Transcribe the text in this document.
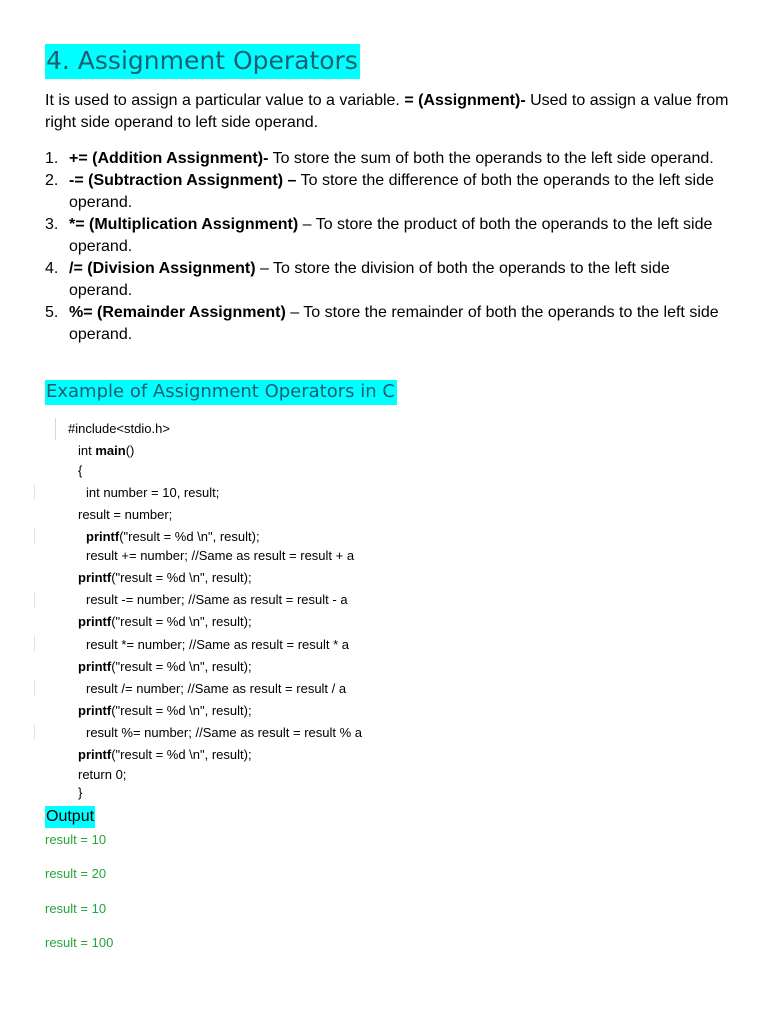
4. Assignment Operators
It is used to assign a particular value to a variable. = (Assignment)- Used to assign a value from right side operand to left side operand.
1. += (Addition Assignment)- To store the sum of both the operands to the left side operand.
2. -= (Subtraction Assignment) – To store the difference of both the operands to the left side operand.
3. *= (Multiplication Assignment) – To store the product of both the operands to the left side operand.
4. /= (Division Assignment) – To store the division of both the operands to the left side operand.
5. %= (Remainder Assignment) – To store the remainder of both the operands to the left side operand.
Example of Assignment Operators in C
#include<stdio.h>
int main()
{
int number = 10, result;
result = number;
printf("result = %d \n", result);
result += number; //Same as result = result + a
printf("result = %d \n", result);
result -= number; //Same as result = result - a
printf("result = %d \n", result);
result *= number; //Same as result = result * a
printf("result = %d \n", result);
result /= number; //Same as result = result / a
printf("result = %d \n", result);
result %= number; //Same as result = result % a
printf("result = %d \n", result);
return 0;
}
Output
result = 10
result = 20
result = 10
result = 100
